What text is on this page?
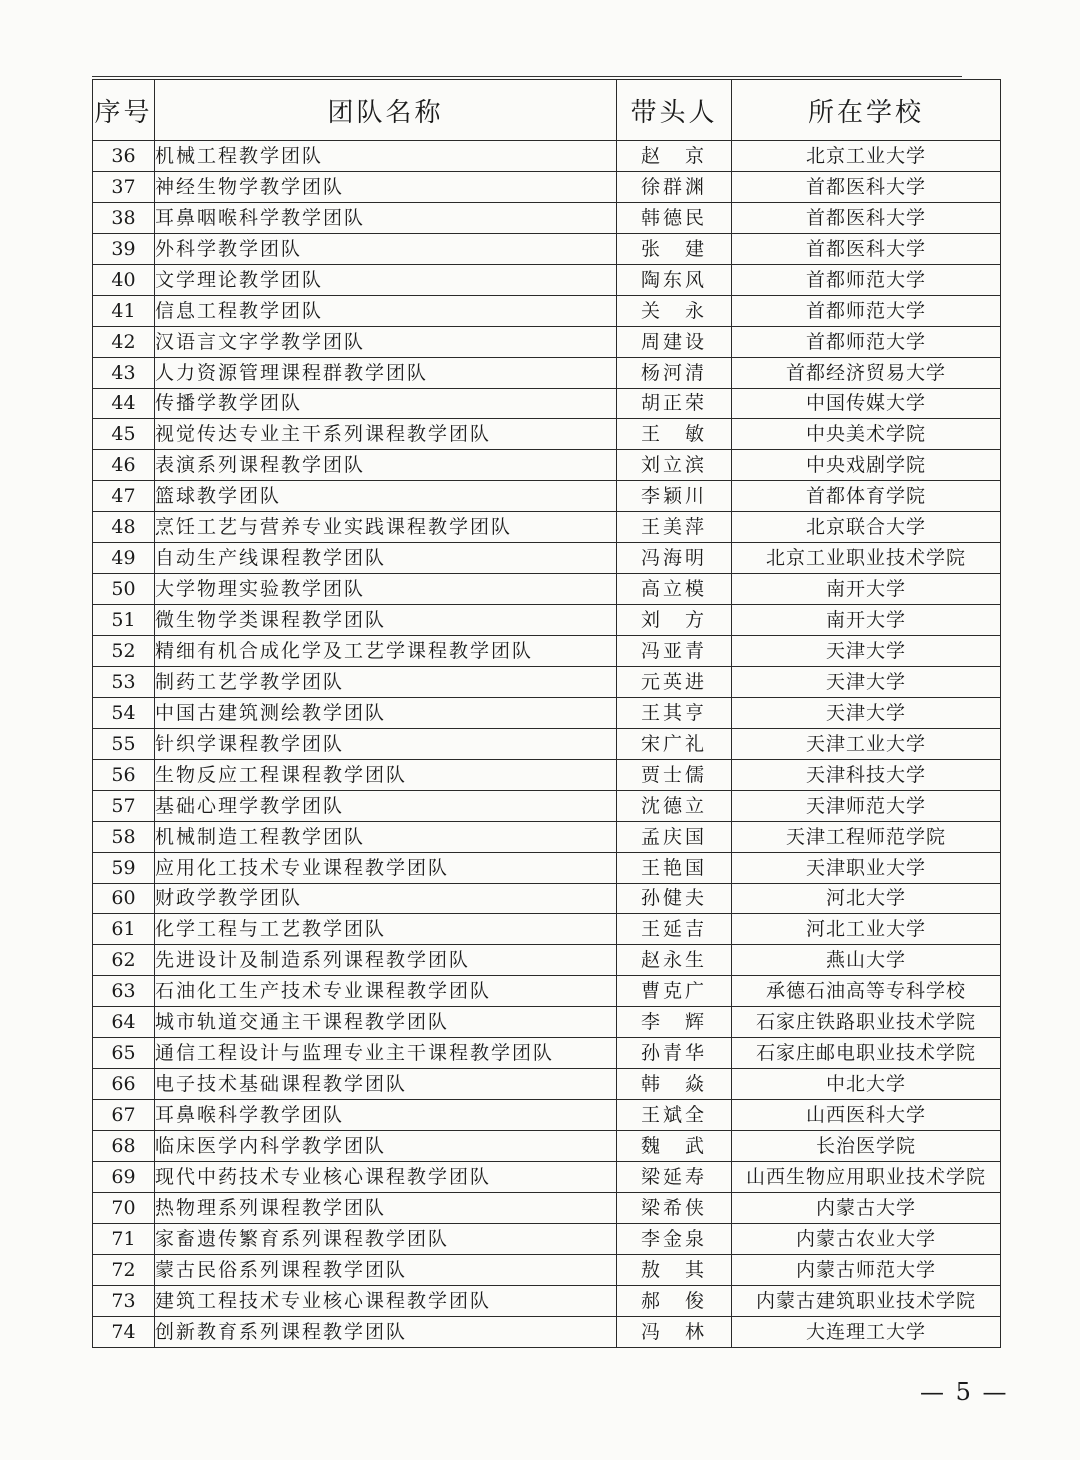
序号	团队名称	带头人	所在学校
36	机械工程教学团队	赵　京	北京工业大学
37	神经生物学教学团队	徐群渊	首都医科大学
38	耳鼻咽喉科学教学团队	韩德民	首都医科大学
39	外科学教学团队	张　建	首都医科大学
40	文学理论教学团队	陶东风	首都师范大学
41	信息工程教学团队	关　永	首都师范大学
42	汉语言文字学教学团队	周建设	首都师范大学
43	人力资源管理课程群教学团队	杨河清	首都经济贸易大学
44	传播学教学团队	胡正荣	中国传媒大学
45	视觉传达专业主干系列课程教学团队	王　敏	中央美术学院
46	表演系列课程教学团队	刘立滨	中央戏剧学院
47	篮球教学团队	李颖川	首都体育学院
48	烹饪工艺与营养专业实践课程教学团队	王美萍	北京联合大学
49	自动生产线课程教学团队	冯海明	北京工业职业技术学院
50	大学物理实验教学团队	高立模	南开大学
51	微生物学类课程教学团队	刘　方	南开大学
52	精细有机合成化学及工艺学课程教学团队	冯亚青	天津大学
53	制药工艺学教学团队	元英进	天津大学
54	中国古建筑测绘教学团队	王其亨	天津大学
55	针织学课程教学团队	宋广礼	天津工业大学
56	生物反应工程课程教学团队	贾士儒	天津科技大学
57	基础心理学教学团队	沈德立	天津师范大学
58	机械制造工程教学团队	孟庆国	天津工程师范学院
59	应用化工技术专业课程教学团队	王艳国	天津职业大学
60	财政学教学团队	孙健夫	河北大学
61	化学工程与工艺教学团队	王延吉	河北工业大学
62	先进设计及制造系列课程教学团队	赵永生	燕山大学
63	石油化工生产技术专业课程教学团队	曹克广	承德石油高等专科学校
64	城市轨道交通主干课程教学团队	李　辉	石家庄铁路职业技术学院
65	通信工程设计与监理专业主干课程教学团队	孙青华	石家庄邮电职业技术学院
66	电子技术基础课程教学团队	韩　焱	中北大学
67	耳鼻喉科学教学团队	王斌全	山西医科大学
68	临床医学内科学教学团队	魏　武	长治医学院
69	现代中药技术专业核心课程教学团队	梁延寿	山西生物应用职业技术学院
70	热物理系列课程教学团队	梁希侠	内蒙古大学
71	家畜遗传繁育系列课程教学团队	李金泉	内蒙古农业大学
72	蒙古民俗系列课程教学团队	敖　其	内蒙古师范大学
73	建筑工程技术专业核心课程教学团队	郝　俊	内蒙古建筑职业技术学院
74	创新教育系列课程教学团队	冯　林	大连理工大学
— 5 —
